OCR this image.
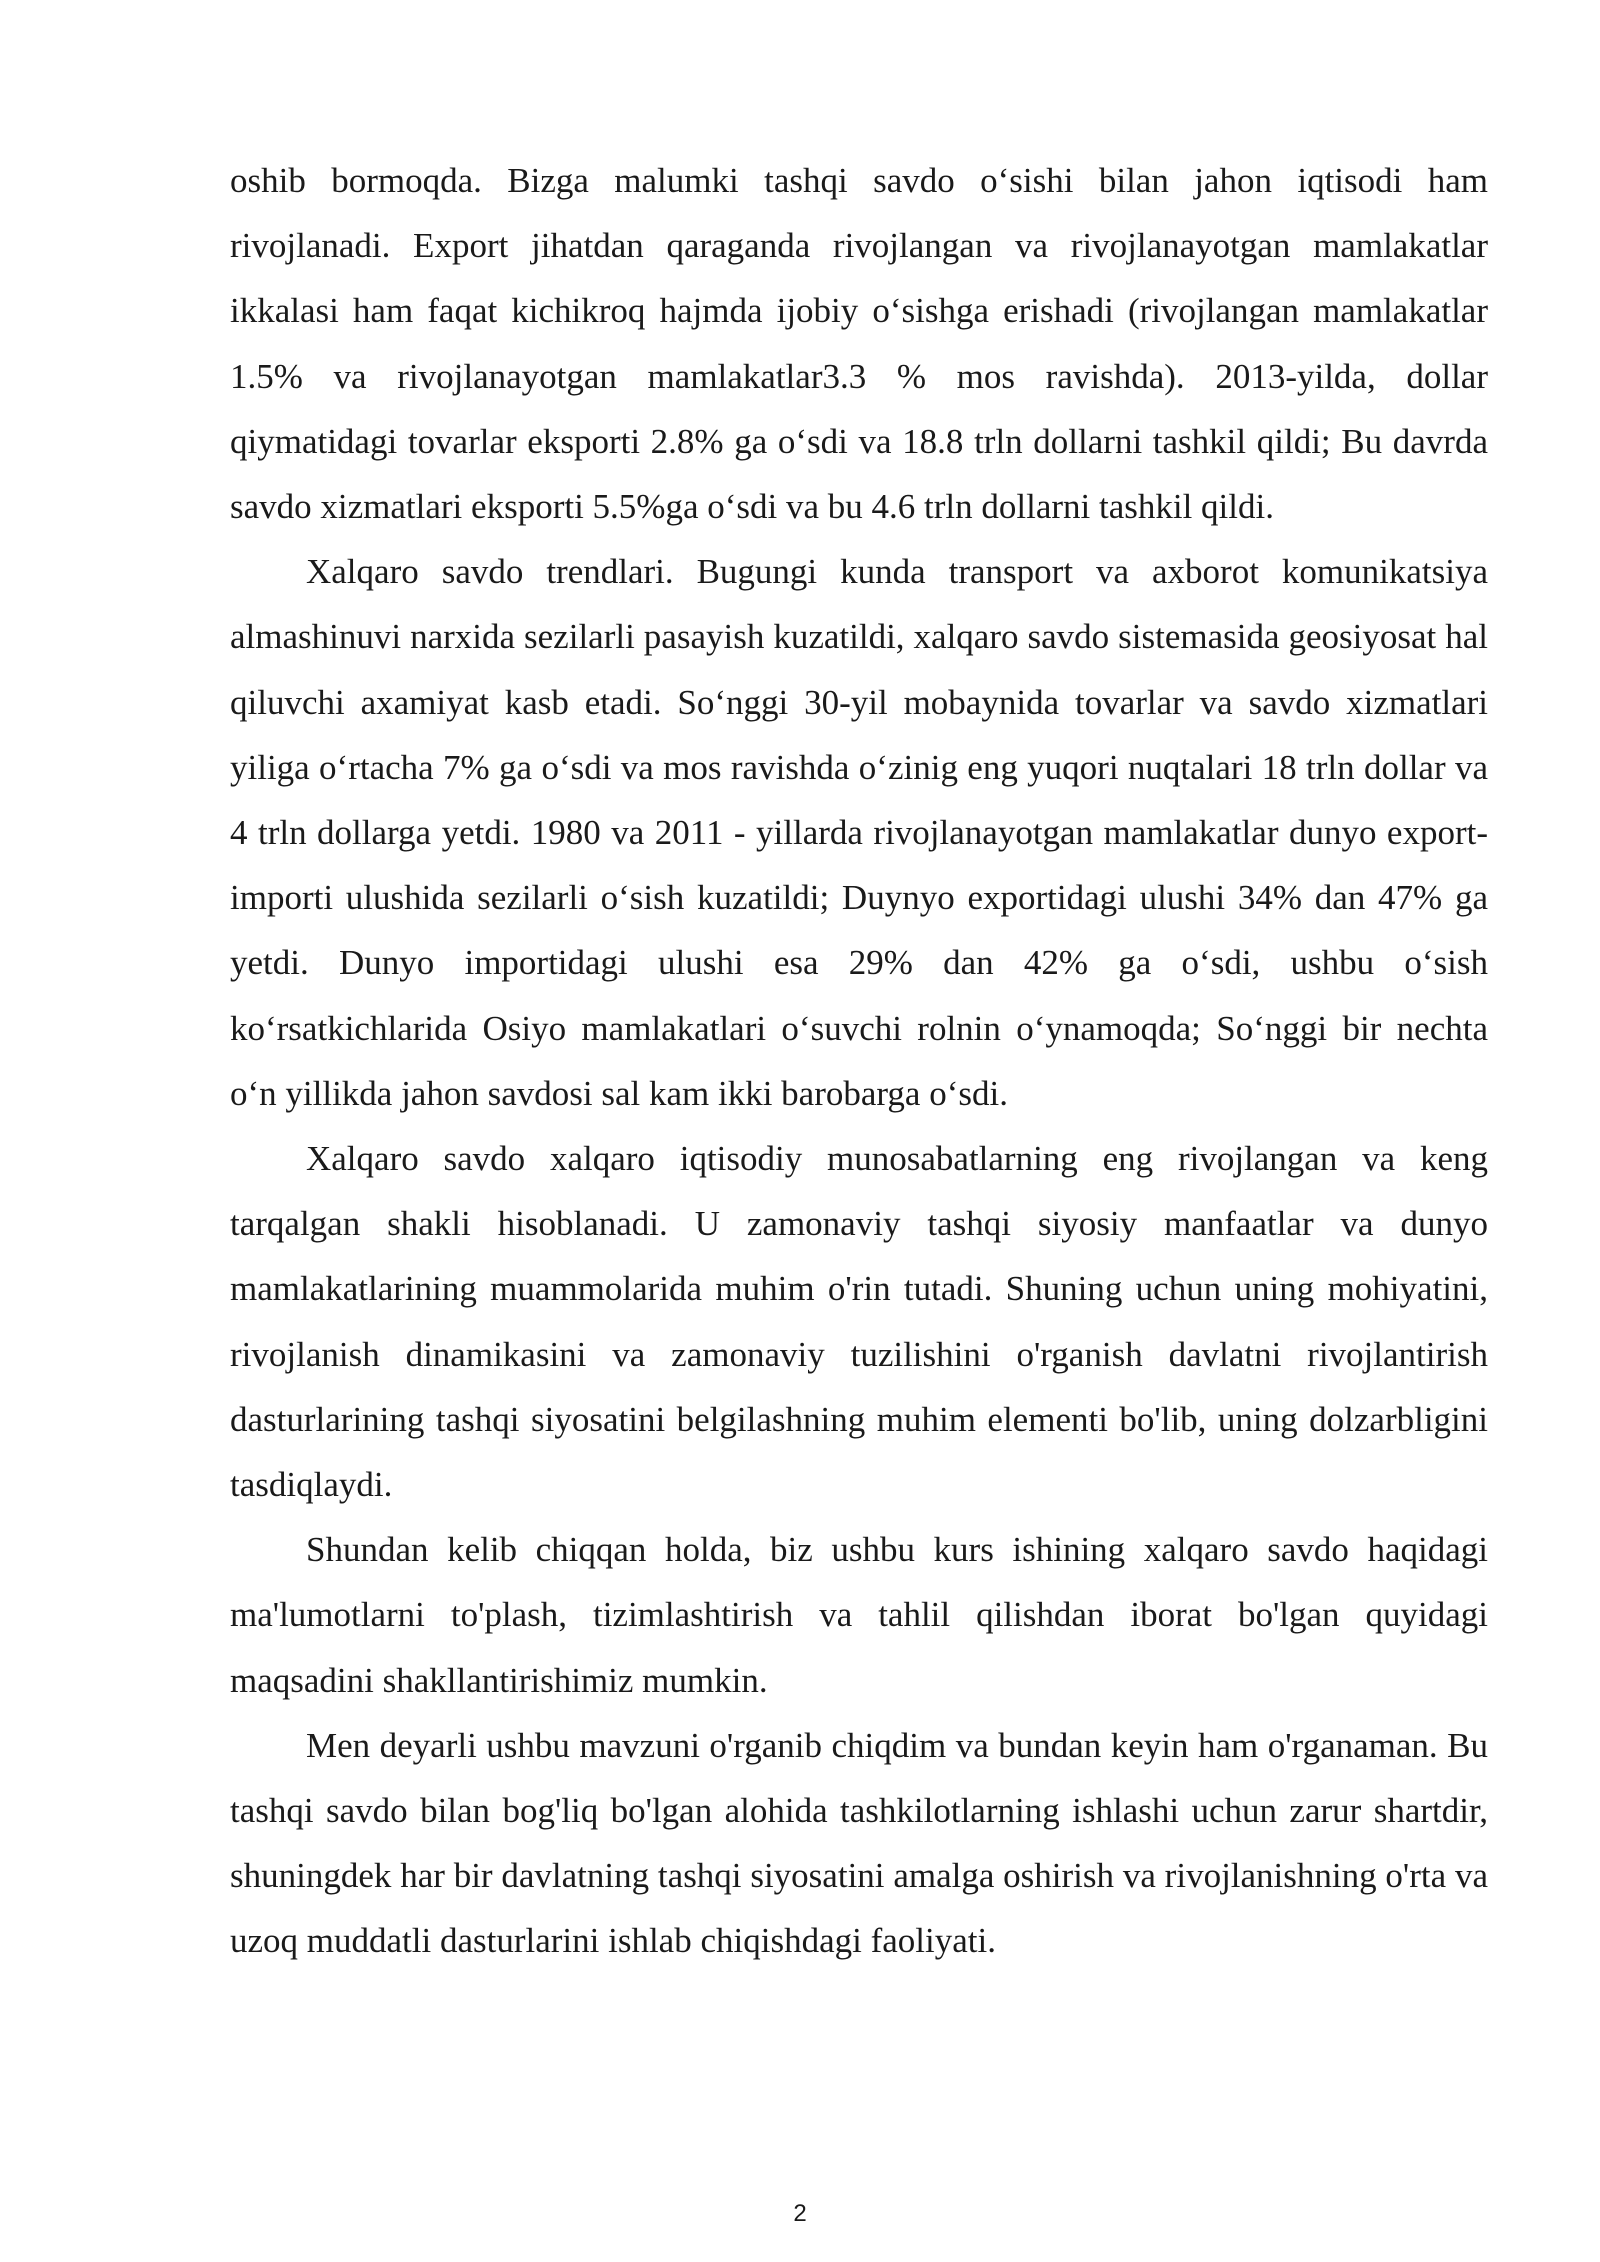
oshib bormoqda. Bizga malumki tashqi savdo o‘sishi bilan jahon iqtisodi ham rivojlanadi. Export jihatdan qaraganda rivojlangan va rivojlanayotgan mamlakatlar ikkalasi ham faqat kichikroq hajmda ijobiy o‘sishga erishadi (rivojlangan mamlakatlar 1.5% va rivojlanayotgan mamlakatlar3.3 % mos ravishda). 2013-yilda, dollar qiymatidagi tovarlar eksporti 2.8% ga o‘sdi va 18.8 trln dollarni tashkil qildi; Bu davrda savdo xizmatlari eksporti 5.5%ga o‘sdi va bu 4.6 trln dollarni tashkil qildi.

Xalqaro savdo trendlari. Bugungi kunda transport va axborot komunikatsiya almashinuvi narxida sezilarli pasayish kuzatildi, xalqaro savdo sistemasida geosiyosat hal qiluvchi axamiyat kasb etadi. So‘nggi 30-yil mobaynida tovarlar va savdo xizmatlari yiliga o‘rtacha 7% ga o‘sdi va mos ravishda o‘zinig eng yuqori nuqtalari 18 trln dollar va 4 trln dollarga yetdi. 1980 va 2011 - yillarda rivojlanayotgan mamlakatlar dunyo export-importi ulushida sezilarli o‘sish kuzatildi; Duynyo exportidagi ulushi 34% dan 47% ga yetdi. Dunyo importidagi ulushi esa 29% dan 42% ga o‘sdi, ushbu o‘sish ko‘rsatkichlarida Osiyo mamlakatlari o‘suvchi rolnin o‘ynamoqda; So‘nggi bir nechta o‘n yillikda jahon savdosi sal kam ikki barobarga o‘sdi.

Xalqaro savdo xalqaro iqtisodiy munosabatlarning eng rivojlangan va keng tarqalgan shakli hisoblanadi. U zamonaviy tashqi siyosiy manfaatlar va dunyo mamlakatlarining muammolarida muhim o'rin tutadi. Shuning uchun uning mohiyatini, rivojlanish dinamikasini va zamonaviy tuzilishini o'rganish davlatni rivojlantirish dasturlarining tashqi siyosatini belgilashning muhim elementi bo'lib, uning dolzarbligini tasdiqlaydi.

Shundan kelib chiqqan holda, biz ushbu kurs ishining xalqaro savdo haqidagi ma'lumotlarni to'plash, tizimlashtirish va tahlil qilishdan iborat bo'lgan quyidagi maqsadini shakllantirishimiz mumkin.

Men deyarli ushbu mavzuni o'rganib chiqdim va bundan keyin ham o'rganaman. Bu tashqi savdo bilan bog'liq bo'lgan alohida tashkilotlarning ishlashi uchun zarur shartdir, shuningdek har bir davlatning tashqi siyosatini amalga oshirish va rivojlanishning o'rta va uzoq muddatli dasturlarini ishlab chiqishdagi faoliyati.

2
